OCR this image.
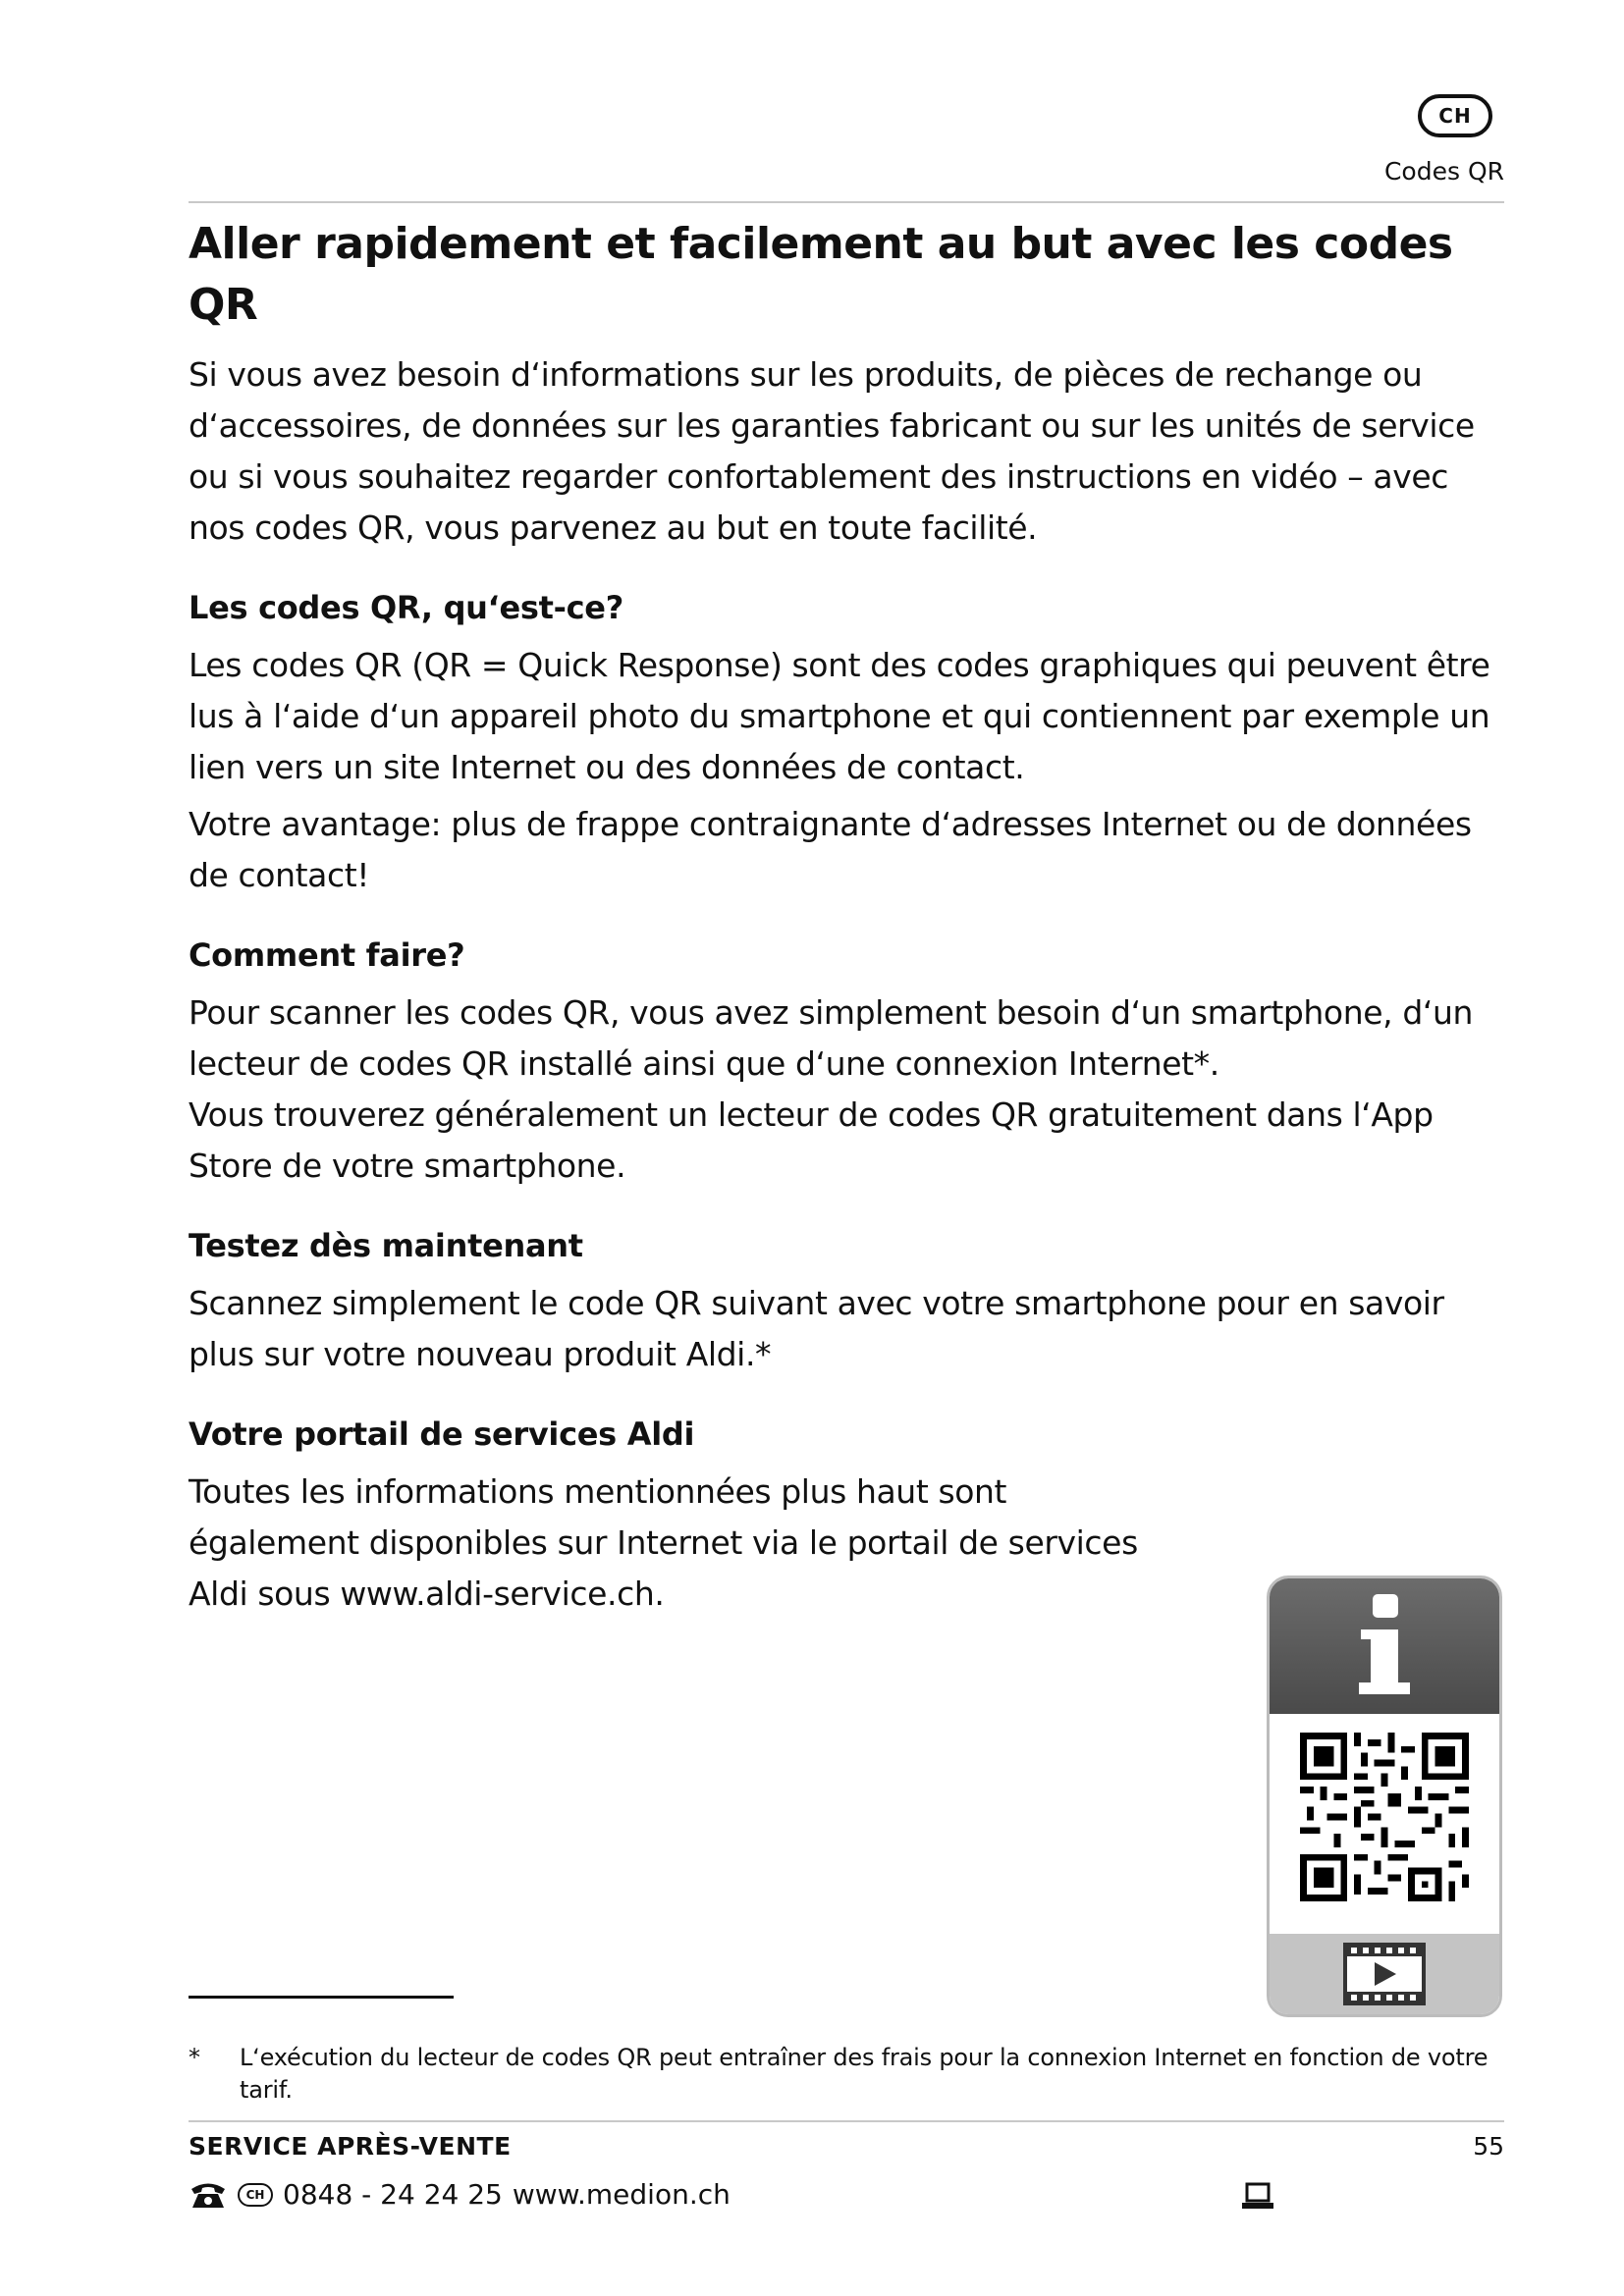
CH
Codes QR
Aller rapidement et facilement au but avec les codes QR

Si vous avez besoin d‘informations sur les produits, de pièces de rechange ou d‘accessoires, de données sur les garanties fabricant ou sur les unités de service ou si vous souhaitez regarder confortablement des instructions en vidéo – avec nos codes QR, vous parvenez au but en toute facilité.

Les codes QR, qu‘est-ce?

Les codes QR (QR = Quick Response) sont des codes graphiques qui peuvent être lus à l‘aide d‘un appareil photo du smartphone et qui contiennent par exemple un lien vers un site Internet ou des données de contact.

Votre avantage: plus de frappe contraignante d‘adresses Internet ou de données de contact!

Comment faire?

Pour scanner les codes QR, vous avez simplement besoin d‘un smartphone, d‘un lecteur de codes QR installé ainsi que d‘une connexion Internet*.

Vous trouverez généralement un lecteur de codes QR gratuitement dans l‘App Store de votre smartphone.

Testez dès maintenant

Scannez simplement le code QR suivant avec votre smartphone pour en savoir plus sur votre nouveau produit Aldi.*

Votre portail de services Aldi

Toutes les informations mentionnées plus haut sont également disponibles sur Internet via le portail de services Aldi sous www.aldi-service.ch.

*	L‘exécution du lecteur de codes QR peut entraîner des frais pour la connexion Internet en fonction de votre tarif.
SERVICE APRÈS-VENTE	55
CH 0848 - 24 24 25 www.medion.ch
